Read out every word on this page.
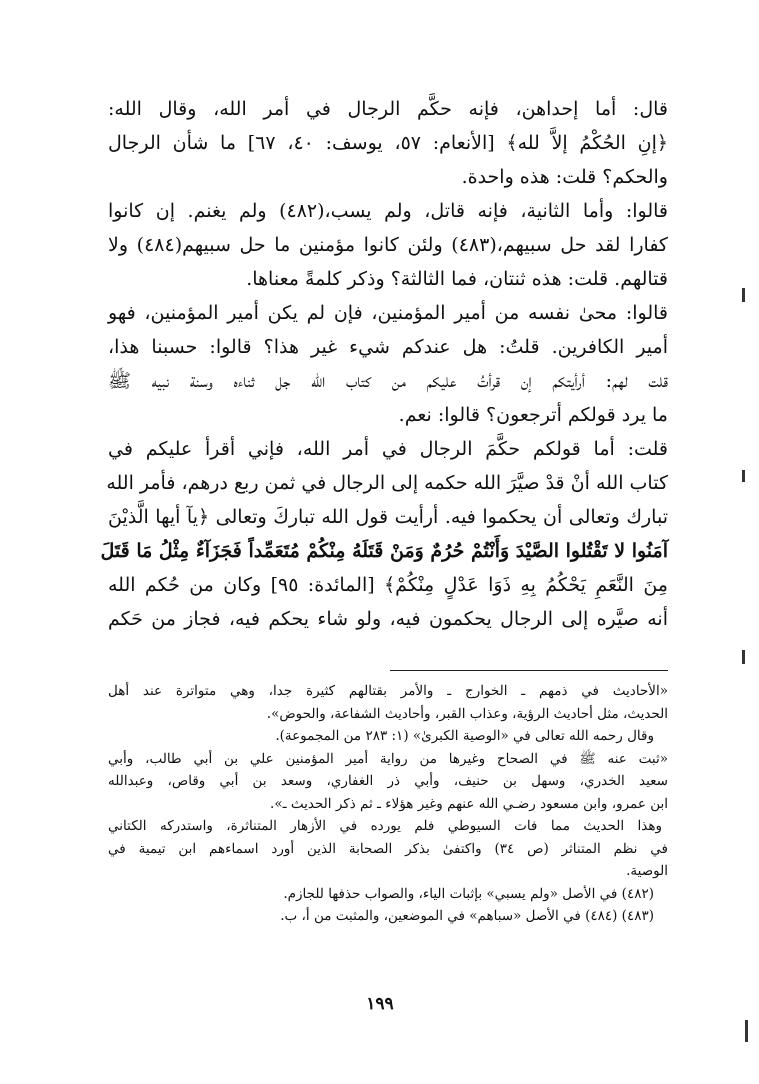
قال: أما إحداهن، فإنه حكَّم الرجال في أمر الله، وقال الله:
﴿إنِ الحُكْمُ إلاَّ لله﴾ [الأنعام: ٥٧، يوسف: ٤٠، ٦٧] ما شأن الرجال
والحكم؟ قلت: هذه واحدة.
قالوا: وأما الثانية، فإنه قاتل، ولم يسب،(٤٨٢) ولم يغنم. إن كانوا
كفارا لقد حل سبيهم،(٤٨٣) ولئن كانوا مؤمنين ما حل سبيهم(٤٨٤) ولا
قتالهم. قلت: هذه ثنتان، فما الثالثة؟ وذكر كلمةً معناها.
قالوا: محىٰ نفسه من أمير المؤمنين، فإن لم يكن أمير المؤمنين، فهو
أمير الكافرين. قلتُ: هل عندكم شيء غير هذا؟ قالوا: حسبنا هذا،
قلت لهم: أرأيتكم إن قرأتُ عليكم من كتاب الله جل ثناءه وسنة نبيه ﷺ
ما يرد قولكم أترجعون؟ قالوا: نعم.
قلت: أما قولكم حكَّمَ الرجال في أمر الله، فإني أقرأ عليكم في
كتاب الله أنْ قدْ صيَّرَ الله حكمه إلى الرجال في ثمن ربع درهم، فأمر الله
تبارك وتعالى أن يحكموا فيه. أرأيت قول الله تباركَ وتعالى ﴿يآ أيها الَّذيْنَ
آمَنُوا لا تَقْتُلوا الصَّيْدَ وَأَنْتُمْ حُرُمٌ وَمَنْ قَتَلَهُ مِنْكُمْ مُتَعَمِّداً فَجَزَآءٌ مِثْلُ مَا قَتَلَ
مِنَ النَّعَمِ يَحْكُمُ بِهِ ذَوَا عَدْلٍ مِنْكُمْ﴾ [المائدة: ٩٥] وكان من حُكم الله
أنه صيَّره إلى الرجال يحكمون فيه، ولو شاء يحكم فيه، فجاز من حَكم
«الأحاديث في ذمهم ـ الخوارج ـ والأمر بقتالهم كثيرة جدا، وهي متواترة عند أهل
الحديث، مثل أحاديث الرؤية، وعذاب القبر، وأحاديث الشفاعة، والحوض».
وقال رحمه الله تعالى في «الوصية الكبرىٰ» (١: ٢٨٣ من المجموعة).
«ثبت عنه ﷺ في الصحاح وغيرها من رواية أمير المؤمنين علي بن أبي طالب، وأبي
سعيد الخدري، وسهل بن حنيف، وأبي ذر الغفاري، وسعد بن أبي وقاص، وعبدالله
ابن عمرو، وابن مسعود رضـي الله عنهم وغير هؤلاء ـ ثم ذكر الحديث ـ».
وهذا الحديث مما فات السيوطي فلم يورده في الأزهار المتناثرة، واستدركه الكتاني
في نظم المتناثر (ص ٣٤) واكتفىٰ بذكر الصحابة الذين أورد اسماءهم ابن تيمية في
الوصية.
(٤٨٢) في الأصل «ولم يسبي» بإثبات الياء، والصواب حذفها للجازم.
(٤٨٣) (٤٨٤) في الأصل «سباهم» في الموضعين، والمثبت من أ، ب.
١٩٩
